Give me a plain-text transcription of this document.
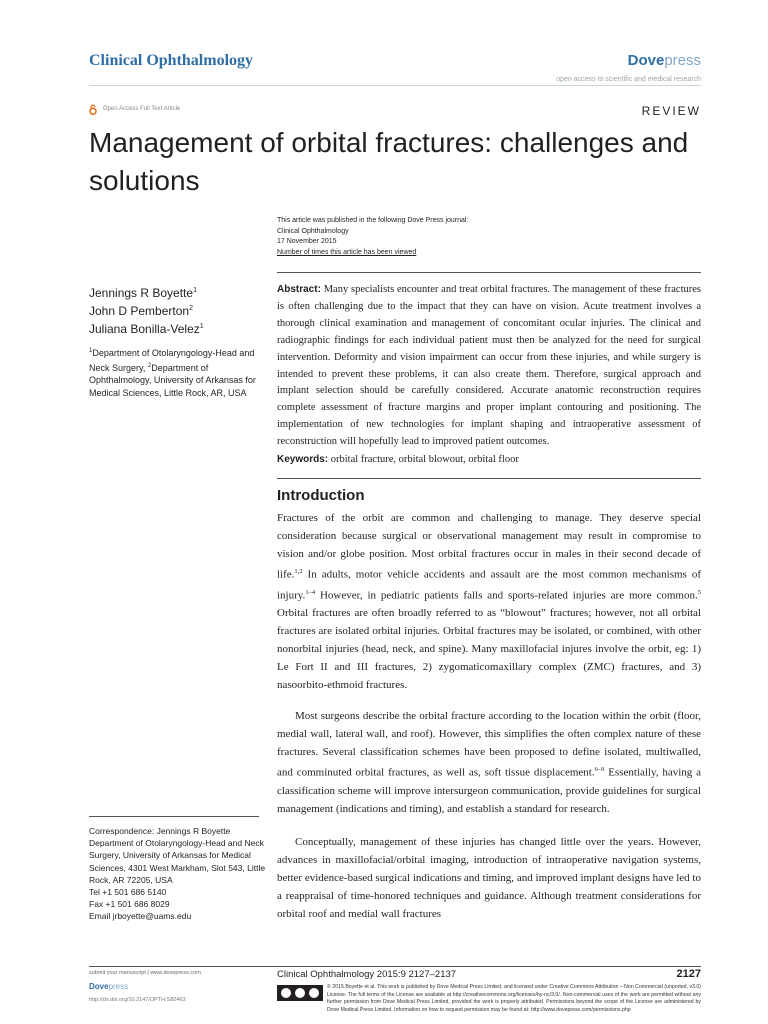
Clinical Ophthalmology	Dovepress
open access to scientific and medical research
Open Access Full Text Article	REVIEW
Management of orbital fractures: challenges and solutions
This article was published in the following Dove Press journal:
Clinical Ophthalmology
17 November 2015
Number of times this article has been viewed
Jennings R Boyette$^1$
John D Pemberton$^2$
Juliana Bonilla-Velez$^1$
$^1$Department of Otolaryngology-Head and Neck Surgery, $^2$Department of Ophthalmology, University of Arkansas for Medical Sciences, Little Rock, AR, USA
Correspondence: Jennings R Boyette
Department of Otolaryngology-Head and Neck Surgery, University of Arkansas for Medical Sciences, 4301 West Markham, Slot 543, Little Rock, AR 72205, USA
Tel +1 501 686 5140
Fax +1 501 686 8029
Email jrboyette@uams.edu
Abstract: Many specialists encounter and treat orbital fractures. The management of these fractures is often challenging due to the impact that they can have on vision. Acute treatment involves a thorough clinical examination and management of concomitant ocular injuries. The clinical and radiographic findings for each individual patient must then be analyzed for the need for surgical intervention. Deformity and vision impairment can occur from these injuries, and while surgery is intended to prevent these problems, it can also create them. Therefore, surgical approach and implant selection should be carefully considered. Accurate anatomic reconstruction requires complete assessment of fracture margins and proper implant contouring and positioning. The implementation of new technologies for implant shaping and intraoperative assessment of reconstruction will hopefully lead to improved patient outcomes.
Keywords: orbital fracture, orbital blowout, orbital floor
Introduction
Fractures of the orbit are common and challenging to manage. They deserve special consideration because surgical or observational management may result in compromise to vision and/or globe position. Most orbital fractures occur in males in their second decade of life.$^{1,2}$ In adults, motor vehicle accidents and assault are the most common mechanisms of injury.$^{1-4}$ However, in pediatric patients falls and sports-related injuries are more common.$^5$ Orbital fractures are often broadly referred to as “blowout” fractures; however, not all orbital fractures are isolated orbital injuries. Orbital fractures may be isolated, or combined, with other nonorbital injuries (head, neck, and spine). Many maxillofacial injures involve the orbit, eg: 1) Le Fort II and III fractures, 2) zygomaticomaxillary complex (ZMC) fractures, and 3) nasoorbito-ethmoid fractures.
Most surgeons describe the orbital fracture according to the location within the orbit (floor, medial wall, lateral wall, and roof). However, this simplifies the often complex nature of these fractures. Several classification schemes have been proposed to define isolated, multiwalled, and comminuted orbital fractures, as well as, soft tissue displacement.$^{6-9}$ Essentially, having a classification scheme will improve intersurgeon communication, provide guidelines for surgical management (indications and timing), and establish a standard for research.
Conceptually, management of these injuries has changed little over the years. However, advances in maxillofacial/orbital imaging, introduction of intraoperative navigation systems, better evidence-based surgical indications and timing, and improved implant designs have led to a reappraisal of time-honored techniques and guidance. Although treatment considerations for orbital roof and medial wall fractures
submit your manuscript | www.dovepress.com
Dovepress
http://dx.doi.org/10.2147/OPTH.S80463
Clinical Ophthalmology 2015:9 2127–2137	2127
© 2015 Boyette et al. This work is published by Dove Medical Press Limited, and licensed under Creative Commons Attribution – Non Commercial (unported, v3.0) License. The full terms of the License are available at http://creativecommons.org/licenses/by-nc/3.0/. Non-commercial uses of the work are permitted without any further permission from Dove Medical Press Limited, provided the work is properly attributed. Permissions beyond the scope of the License are administered by Dove Medical Press Limited. Information on how to request permission may be found at: http://www.dovepress.com/permissions.php
